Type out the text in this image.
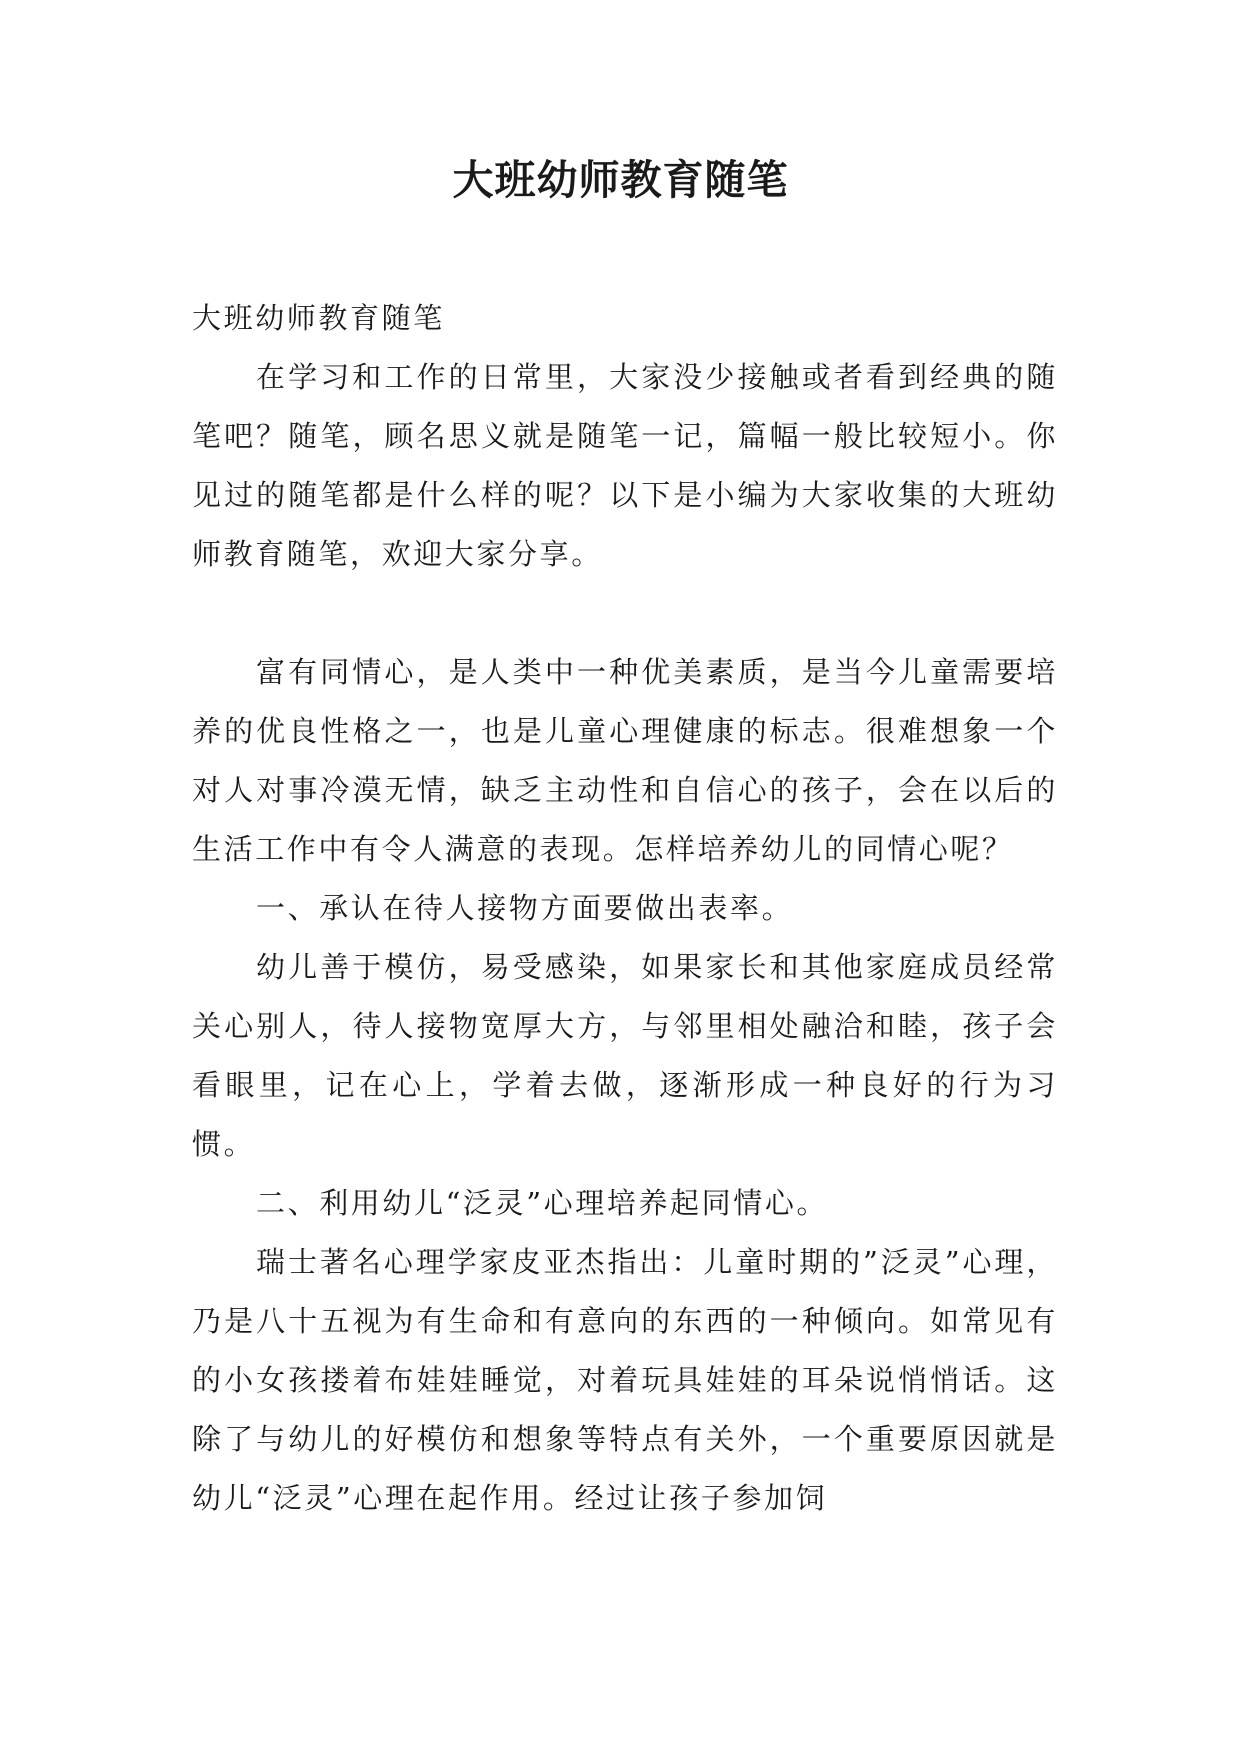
大班幼师教育随笔

大班幼师教育随笔

在学习和工作的日常里，大家没少接触或者看到经典的随笔吧？随笔，顾名思义就是随笔一记，篇幅一般比较短小。你见过的随笔都是什么样的呢？以下是小编为大家收集的大班幼师教育随笔，欢迎大家分享。

富有同情心，是人类中一种优美素质，是当今儿童需要培养的优良性格之一，也是儿童心理健康的标志。很难想象一个对人对事冷漠无情，缺乏主动性和自信心的孩子，会在以后的生活工作中有令人满意的表现。怎样培养幼儿的同情心呢？

一、承认在待人接物方面要做出表率。

幼儿善于模仿，易受感染，如果家长和其他家庭成员经常关心别人，待人接物宽厚大方，与邻里相处融洽和睦，孩子会看眼里，记在心上，学着去做，逐渐形成一种良好的行为习惯。

二、利用幼儿“泛灵”心理培养起同情心。

瑞士著名心理学家皮亚杰指出：儿童时期的”泛灵”心理，乃是八十五视为有生命和有意向的东西的一种倾向。如常见有的小女孩搂着布娃娃睡觉，对着玩具娃娃的耳朵说悄悄话。这除了与幼儿的好模仿和想象等特点有关外，一个重要原因就是幼儿“泛灵”心理在起作用。经过让孩子参加饲
